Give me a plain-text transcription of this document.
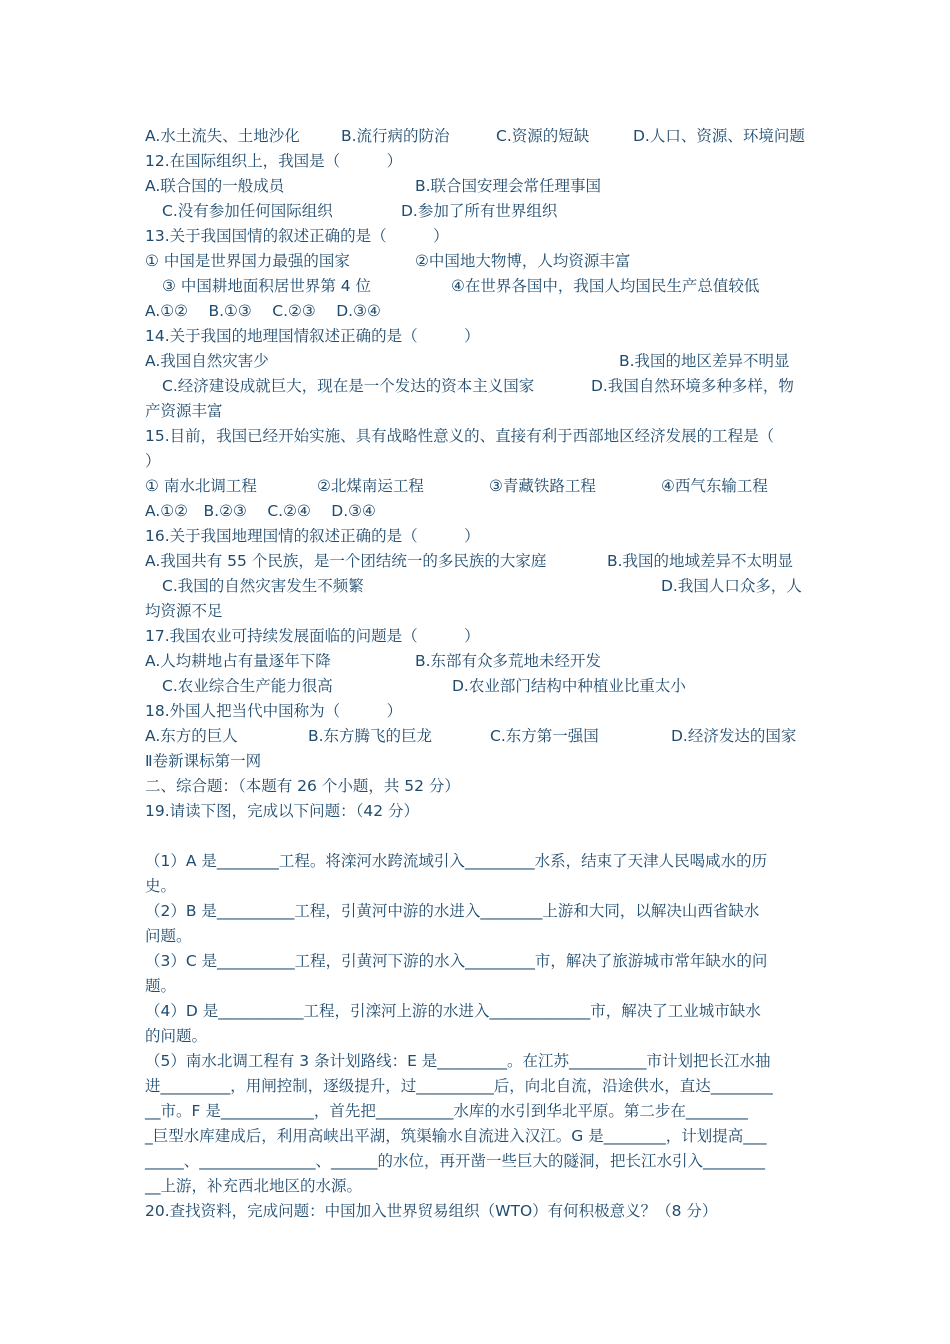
A.水土流失、土地沙化	B.流行病的防治	C.资源的短缺	D.人口、资源、环境问题
12.在国际组织上，我国是（　　　）
A.联合国的一般成员	B.联合国安理会常任理事国
C.没有参加任何国际组织	D.参加了所有世界组织
13.关于我国国情的叙述正确的是（　　　）
① 中国是世界国力最强的国家	②中国地大物博，人均资源丰富
③ 中国耕地面积居世界第 4 位	④在世界各国中，我国人均国民生产总值较低
A.①②　 B.①③　 C.②③　 D.③④
14.关于我国的地理国情叙述正确的是（　　　）
A.我国自然灾害少	B.我国的地区差异不明显
C.经济建设成就巨大，现在是一个发达的资本主义国家	D.我国自然环境多种多样，物
产资源丰富
15.目前，我国已经开始实施、具有战略性意义的、直接有利于西部地区经济发展的工程是（
）
① 南水北调工程	②北煤南运工程	③青藏铁路工程	④西气东输工程
A.①②　B.②③　 C.②④　 D.③④
16.关于我国地理国情的叙述正确的是（　　　）
A.我国共有 55 个民族，是一个团结统一的多民族的大家庭	B.我国的地域差异不太明显
C.我国的自然灾害发生不频繁	D.我国人口众多，人
均资源不足
17.我国农业可持续发展面临的问题是（　　　）
A.人均耕地占有量逐年下降	B.东部有众多荒地未经开发
C.农业综合生产能力很高	D.农业部门结构中种植业比重太小
18.外国人把当代中国称为（　　　）
A.东方的巨人	B.东方腾飞的巨龙	C.东方第一强国	D.经济发达的国家
Ⅱ卷新课标第一网
二、综合题：（本题有 26 个小题，共 52 分）
19.请读下图，完成以下问题：（42 分）
（1）A 是________工程。将滦河水跨流域引入_________水系，结束了天津人民喝咸水的历
史。
（2）B 是__________工程，引黄河中游的水进入________上游和大同，以解决山西省缺水
问题。
（3）C 是__________工程，引黄河下游的水入_________市，解决了旅游城市常年缺水的问
题。
（4）D 是___________工程，引滦河上游的水进入_____________市，解决了工业城市缺水
的问题。
（5）南水北调工程有 3 条计划路线：E 是_________。在江苏__________市计划把长江水抽
进_________，用闸控制，逐级提升，过__________后，向北自流，沿途供水，直达________
__市。F 是____________，首先把__________水库的水引到华北平原。第二步在________
_巨型水库建成后，利用高峡出平湖，筑渠输水自流进入汉江。G 是________，计划提高___
_____、_______________、______的水位，再开凿一些巨大的隧洞，把长江水引入________
__上游，补充西北地区的水源。
20.查找资料，完成问题：中国加入世界贸易组织（WTO）有何积极意义？（8 分）
